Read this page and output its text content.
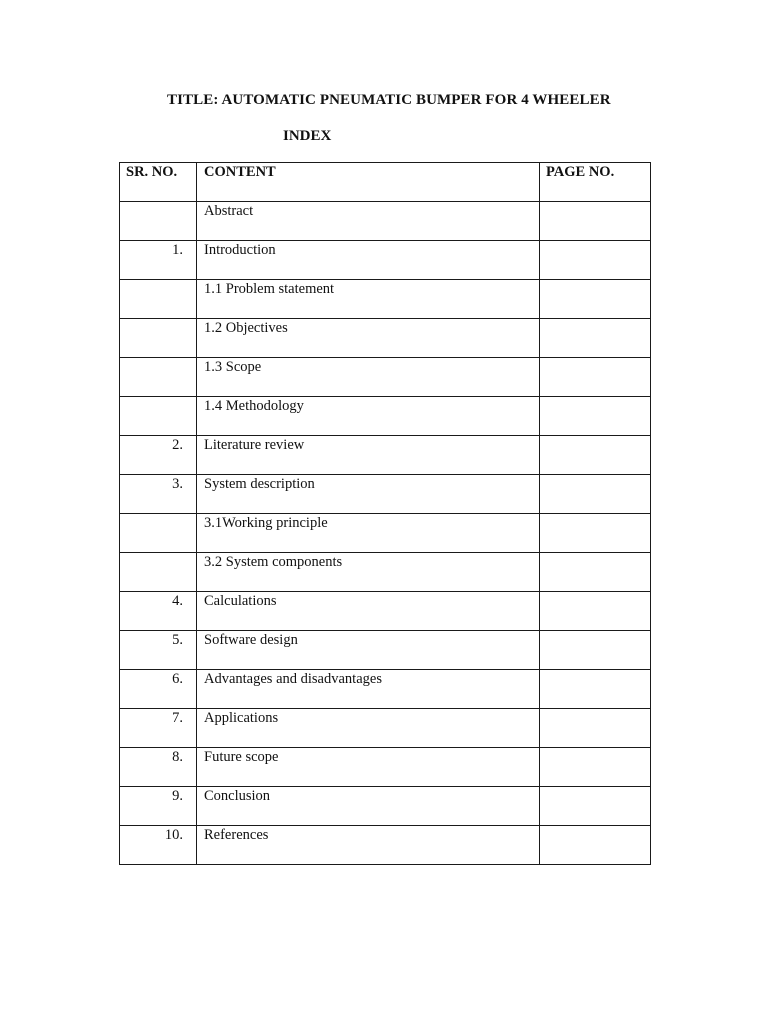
TITLE: AUTOMATIC PNEUMATIC BUMPER FOR 4 WHEELER
INDEX
SR. NO.	CONTENT	PAGE NO.

	Abstract	
1.	Introduction	
	1.1 Problem statement	
	1.2 Objectives	
	1.3 Scope	
	1.4 Methodology	
2.	Literature review	
3.	System description	
	3.1Working principle	
	3.2 System components	
4.	Calculations	
5.	Software design	
6.	Advantages and disadvantages	
7.	Applications	
8.	Future scope	
9.	Conclusion	
10.	References	
